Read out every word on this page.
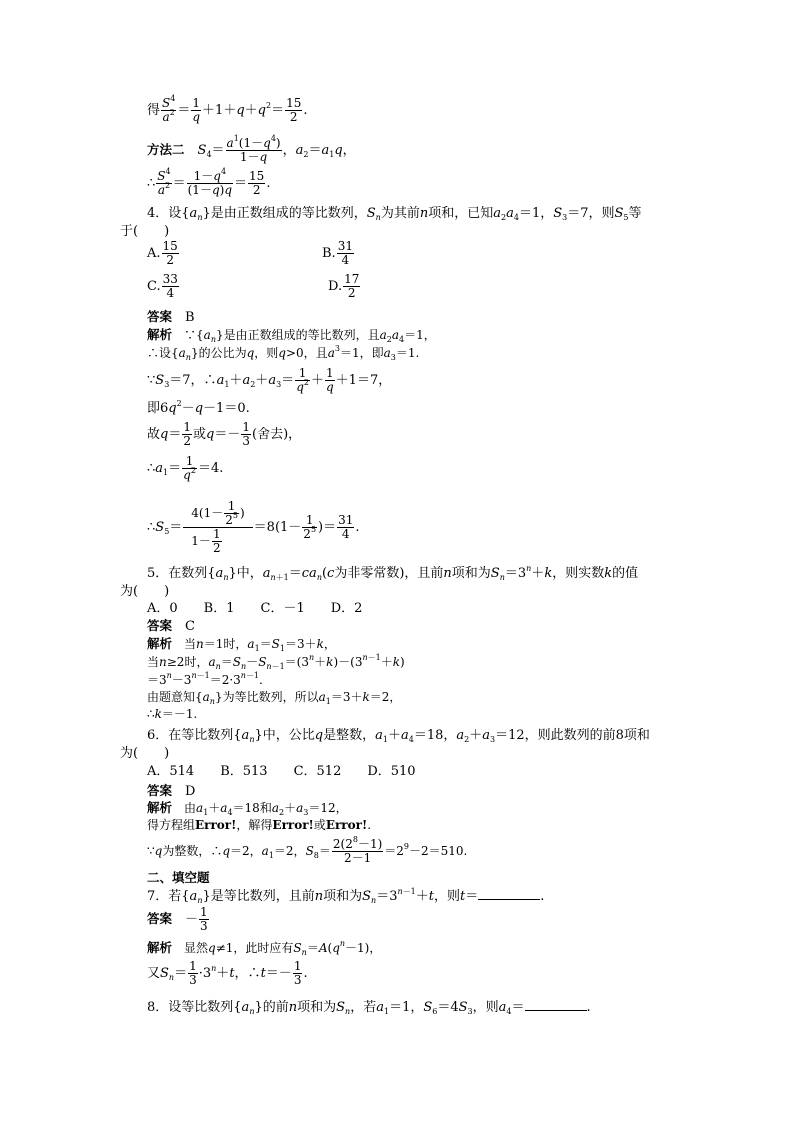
得 $\frac{S^4}{a^2} = \frac{1}{q} +1+q+q^2= \frac{15}{2}$ .
方法二　 $S_4= \frac{a^1(1-q^4)}{1-q}$ ，$a_2=a_1q$，
∴ $\frac{S^4}{a^2} = \frac{1-q^4}{(1-q)q} = \frac{15}{2}$ .
4．设$\{a_n\}$是由正数组成的等比数列，$S_n$为其前n项和，已知$a_2a_4=1$，$S_3=7$，则$S_5$等
于(　　)
A. $\frac{15}{2}$	B. $\frac{31}{4}$
C. $\frac{33}{4}$	D. $\frac{17}{2}$
答案　 B
解析　$\because\{a_n\}$是由正数组成的等比数列，且$a_2a_4=1$，
∴设$\{a_n\}$的公比为q，则q>0，且$a^3=1$，即$a_3=1$.
$\because S_3=7$，$\therefore a_1+a_2+a_3= \frac{1}{q^2} + \frac{1}{q} +1=7$，
即$6q^2-q-1=0$.
故$q= \frac{1}{2}$ 或$q=- \frac{1}{3}$ (舍去)，
$\therefore a_1= \frac{1}{q^2} =4$.
$\therefore S_5= \frac{4(1- \frac{1}{2^5} )}{1- \frac{1}{2}} =8(1- \frac{1}{2^5}$ )＝ $\frac{31}{4}$ .
5．在数列$\{a_n\}$中，$a_{n+1}=ca_n(c$为非零常数)，且前n项和为$S_n=3^n+k$，则实数k的值
为(　　)
A．0 B．1 C．－1 D．2
答案　 C
解析　当n＝1时，$a_1=S_1=3+k$，
当n≥2时，$a_n=S_n-S_{n-1}=(3^n+k)-(3^{n-1}+k)$
$=3^n-3^{n-1}=2\cdot 3^{n-1}$.
由题意知$\{a_n\}$为等比数列，所以$a_1=3+k=2$，
∴k＝－1.
6．在等比数列$\{a_n\}$中，公比q是整数，$a_1+a_4=18$，$a_2+a_3=12$，则此数列的前8项和
为(　　)
A．514 B．513 C．512 D．510
答案　 D
解析　由$a_1+a_4=18$和$a_2+a_3=12$，
得方程组Error!，解得Error!或Error!.
∵q为整数，∴q＝2，$a_1=2$，$S_8= \frac{2(2^8-1)}{2-1} =2^9-2=510$.
二、填空题
7．若$\{a_n\}$是等比数列，且前n项和为$S_n=3^{n-1}+t$，则t＝	.
答案　－ $\frac{1}{3}$
解析　显然q≠1，此时应有$S_n=A(q^n-1)$，
又$S_n= \frac{1}{3} \cdot 3^n+t$，∴t＝－ $\frac{1}{3}$ .
8．设等比数列$\{a_n\}$的前n项和为$S_n$，若$a_1=1$，$S_6=4S_3$，则$a_4=$	.
